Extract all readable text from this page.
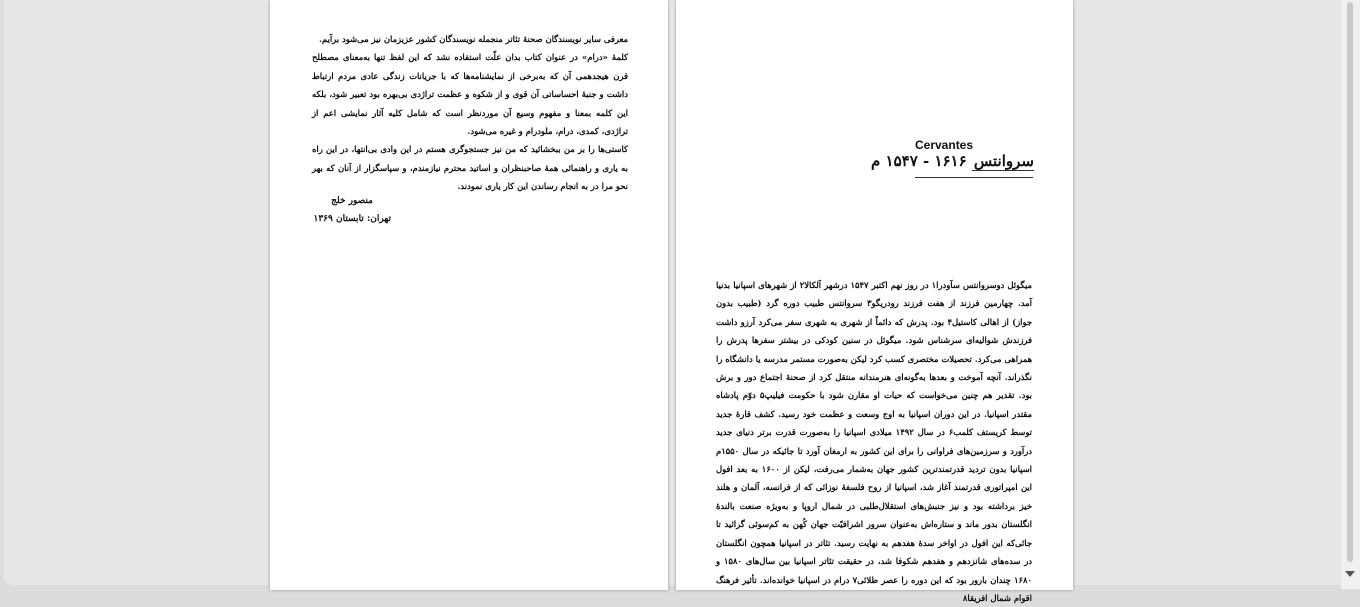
معرفی سایر نویسندگان صحنهٔ تئاتر منجمله نویسندگان کشور عزیزمان نیز می‌شود برآیم.

کلمهٔ «درام» در عنوان کتاب بدان علّت استفاده نشد که این لفظ تنها به‌معنای مصطلح قرن هیجدهمی آن که به‌برخی از نمایشنامه‌ها که با جریانات زندگی عادی مردم ارتباط داشت و جنبهٔ احساساتی آن قوی و از شکوه و عظمت تراژدی بی‌بهره بود تعبیر شود، بلکه این کلمه بمعنا و مفهوم وسیع آن موردنظر است که شامل کلیه آثار نمایشی اعم از تراژدی، کمدی، درام، ملودرام و غیره می‌شود.

کاستی‌ها را بر من ببخشائید که من نیز جستجوگری هستم در این وادی بی‌انتها، در این راه به یاری و راهنمائی همهٔ صاحبنظران و اساتید محترم نیازمندم، و سپاسگزار از آنان که بهر نحو مرا در به انجام رساندن این کار یاری نمودند.

منصور خلج
تهران: تابستان ۱۳۶۹
Cervantes
سروانتس ۱۶۱۶ - ۱۵۴۷ م

میگوئل دوسروانتس سآودرا۱ در روز نهم اکتبر ۱۵۴۷ درشهر آلکالا۲ از شهرهای اسپانیا بدنیا آمد. چهارمین فرزند از هفت فرزند رودریگو۳ سروانتس طبیب دوره گرد (طبیب بدون جواز) از اهالی کاستیل۴ بود. پدرش که دائماً از شهری به شهری سفر می‌کرد آرزو داشت فرزندش شوالیه‌ای سرشناس شود. میگوئل در سنین کودکی در بیشتر سفرها پدرش را همراهی می‌کرد. تحصیلات مختصری کسب کرد لیکن به‌صورت مستمر مدرسه یا دانشگاه را نگذراند. آنچه آموخت و بعدها به‌گونه‌ای هنرمندانه منتقل کرد از صحنهٔ اجتماع دور و برش بود. تقدیر هم چنین می‌خواست که حیات او مقارن شود با حکومت فیلیپ۵ دوّم پادشاه مقتدر اسپانیا. در این دوران اسپانیا به اوج وسعت و عظمت خود رسید. کشف قارهٔ جدید توسط کریستف کلمب۶ در سال ۱۴۹۲ میلادی اسپانیا را به‌صورت قدرت برتر دنیای جدید درآورد و سرزمین‌های فراوانی را برای این کشور به ارمغان آورد تا جائیکه در سال ۱۵۵۰م اسپانیا بدون تردید قدرتمندترین کشور جهان به‌شمار می‌رفت، لیکن از ۱۶۰۰ به بعد افول این امپراتوری قدرتمند آغاز شد، اسپانیا از روح فلسفهٔ نوزائی که از فرانسه، آلمان و هلند خیز برداشته بود و نیز جنبش‌های استقلال‌طلبی در شمال اروپا و به‌ویژه صنعت بالندهٔ انگلستان بدور ماند و ستاره‌اش به‌عنوان سرور اشرافیّت جهان کُهن به کم‌سوئی گرائید تا جائی‌که این افول در اواخر سدهٔ هفدهم به نهایت رسید. تئاتر در اسپانیا همچون انگلستان در سده‌های شانزدهم و هفدهم شکوفا شد، در حقیقت تئاتر اسپانیا بین سال‌های ۱۵۸۰ و ۱۶۸۰ چندان بارور بود که این دوره را عصر طلائی۷ درام در اسپانیا خوانده‌اند. تأثیر فرهنگ اقوام شمال افریقا۸
